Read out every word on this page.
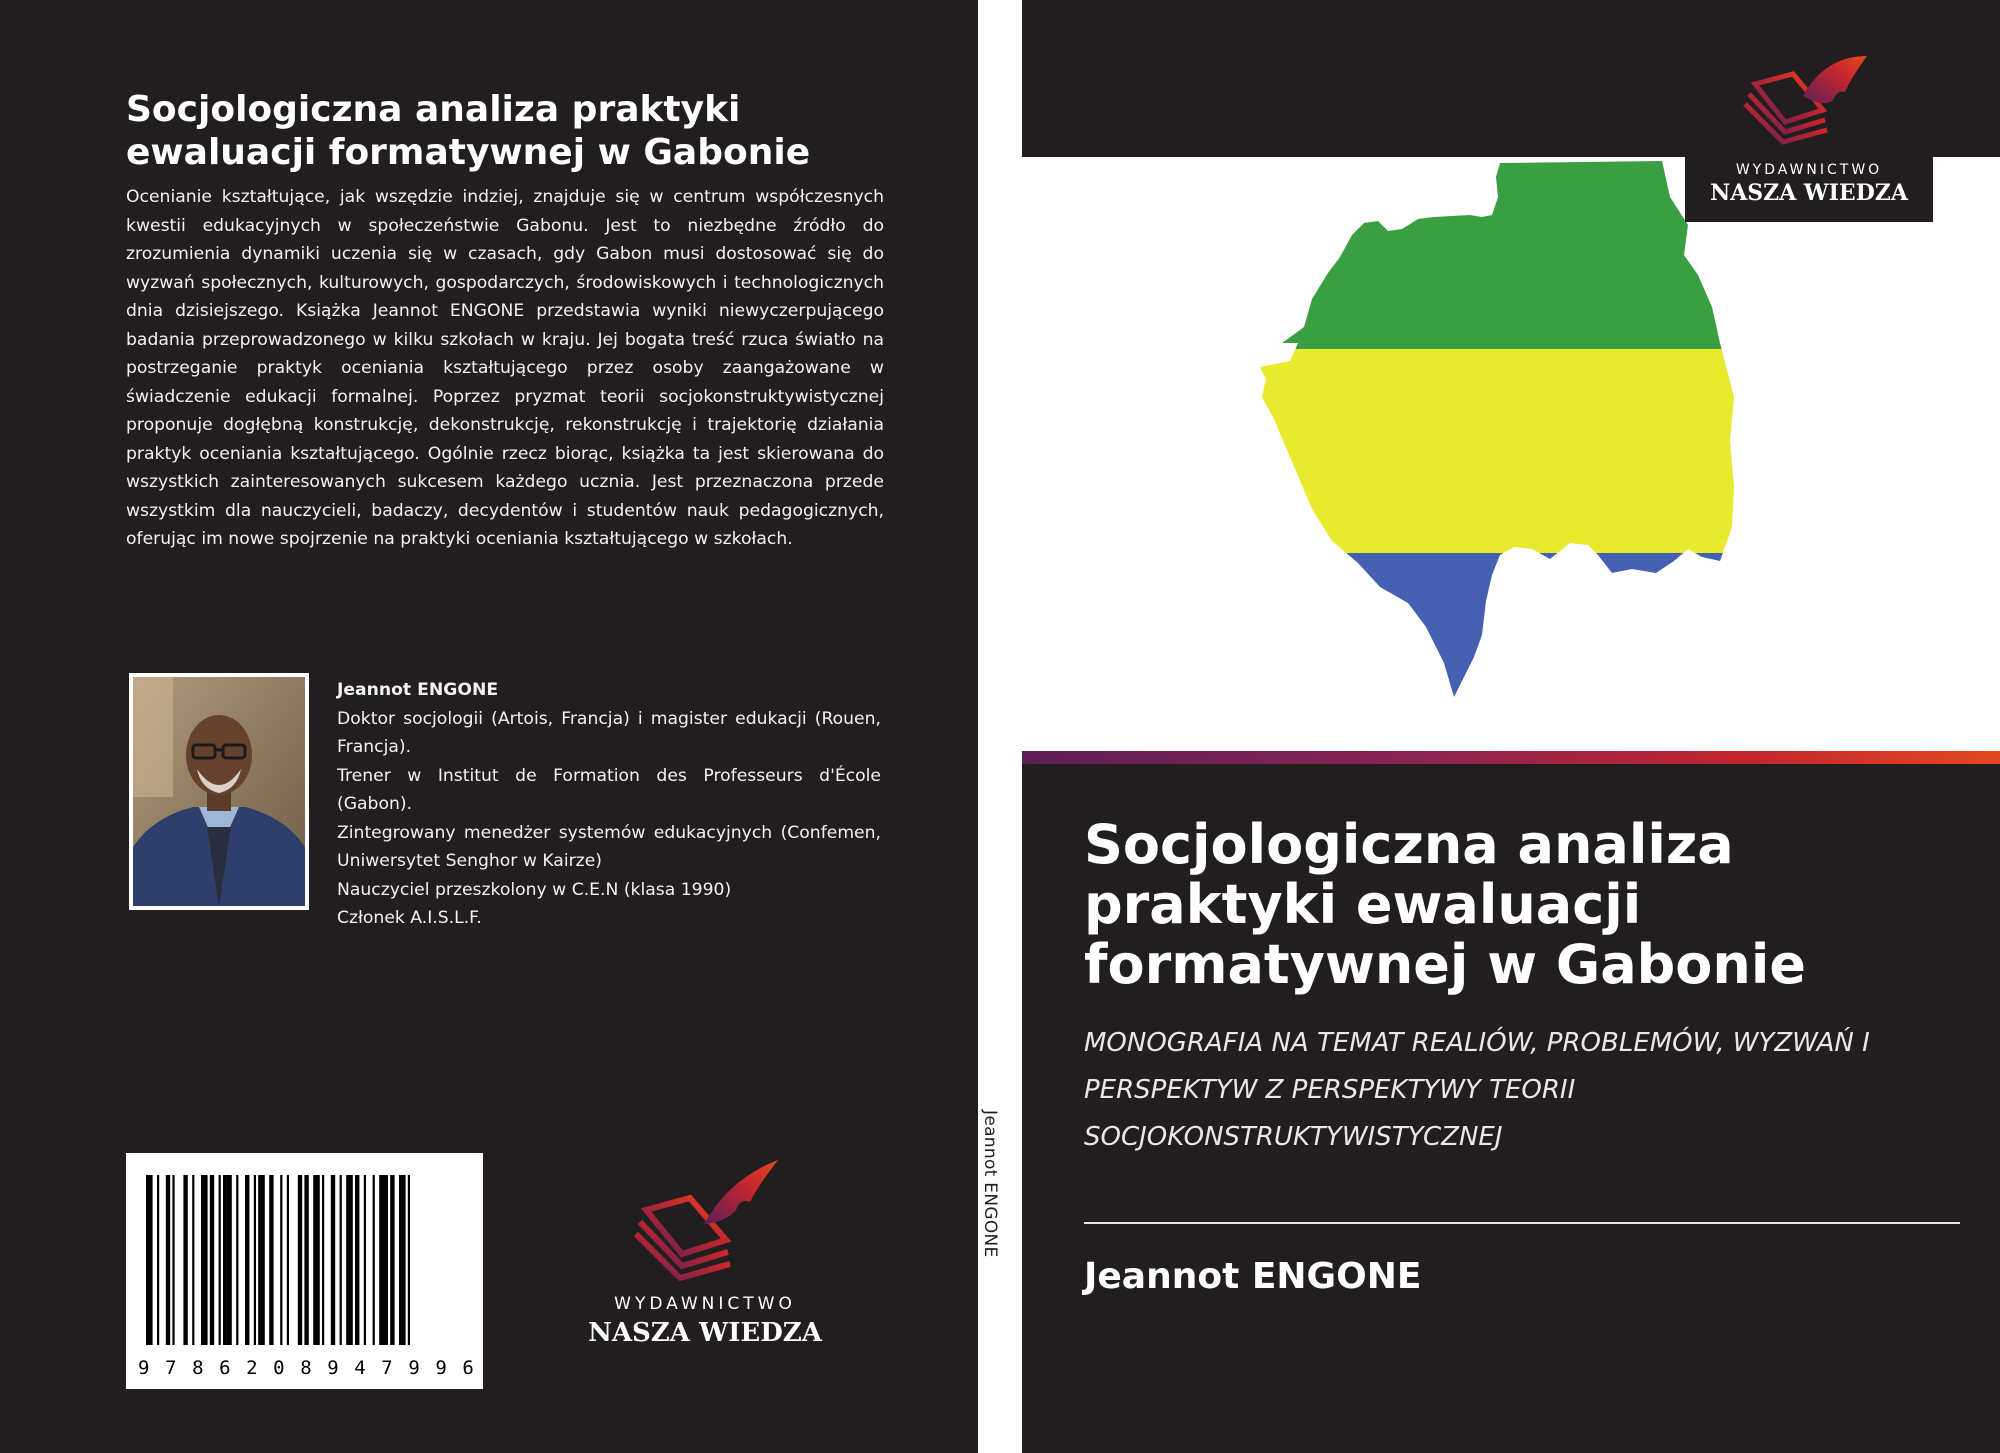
Socjologiczna analiza praktyki ewaluacji formatywnej w Gabonie

Ocenianie kształtujące, jak wszędzie indziej, znajduje się w centrum współczesnych kwestii edukacyjnych w społeczeństwie Gabonu. Jest to niezbędne źródło do zrozumienia dynamiki uczenia się w czasach, gdy Gabon musi dostosować się do wyzwań społecznych, kulturowych, gospodarczych, środowiskowych i technologicznych dnia dzisiejszego. Książka Jeannot ENGONE przedstawia wyniki niewyczerpującego badania przeprowadzonego w kilku szkołach w kraju. Jej bogata treść rzuca światło na postrzeganie praktyk oceniania kształtującego przez osoby zaangażowane w świadczenie edukacji formalnej. Poprzez pryzmat teorii socjokonstruktywistycznej proponuje dogłębną konstrukcję, dekonstrukcję, rekonstrukcję i trajektorię działania praktyk oceniania kształtującego. Ogólnie rzecz biorąc, książka ta jest skierowana do wszystkich zainteresowanych sukcesem każdego ucznia. Jest przeznaczona przede wszystkim dla nauczycieli, badaczy, decydentów i studentów nauk pedagogicznych, oferując im nowe spojrzenie na praktyki oceniania kształtującego w szkołach.

Jeannot ENGONE
Doktor socjologii (Artois, Francja) i magister edukacji (Rouen, Francja).
Trener w Institut de Formation des Professeurs d'École (Gabon).
Zintegrowany menedżer systemów edukacyjnych (Confemen, Uniwersytet Senghor w Kairze)
Nauczyciel przeszkolony w C.E.N (klasa 1990)
Członek A.I.S.L.F.
9 7 8 6 2 0 8 9 4 7 9 9 6
WYDAWNICTWO
NASZA WIEDZA
Jeannot ENGONE
WYDAWNICTWO
NASZA WIEDZA
Socjologiczna analiza praktyki ewaluacji formatywnej w Gabonie
MONOGRAFIA NA TEMAT REALIÓW, PROBLEMÓW, WYZWAŃ I PERSPEKTYW Z PERSPEKTYWY TEORII SOCJOKONSTRUKTYWISTYCZNEJ
Jeannot ENGONE
